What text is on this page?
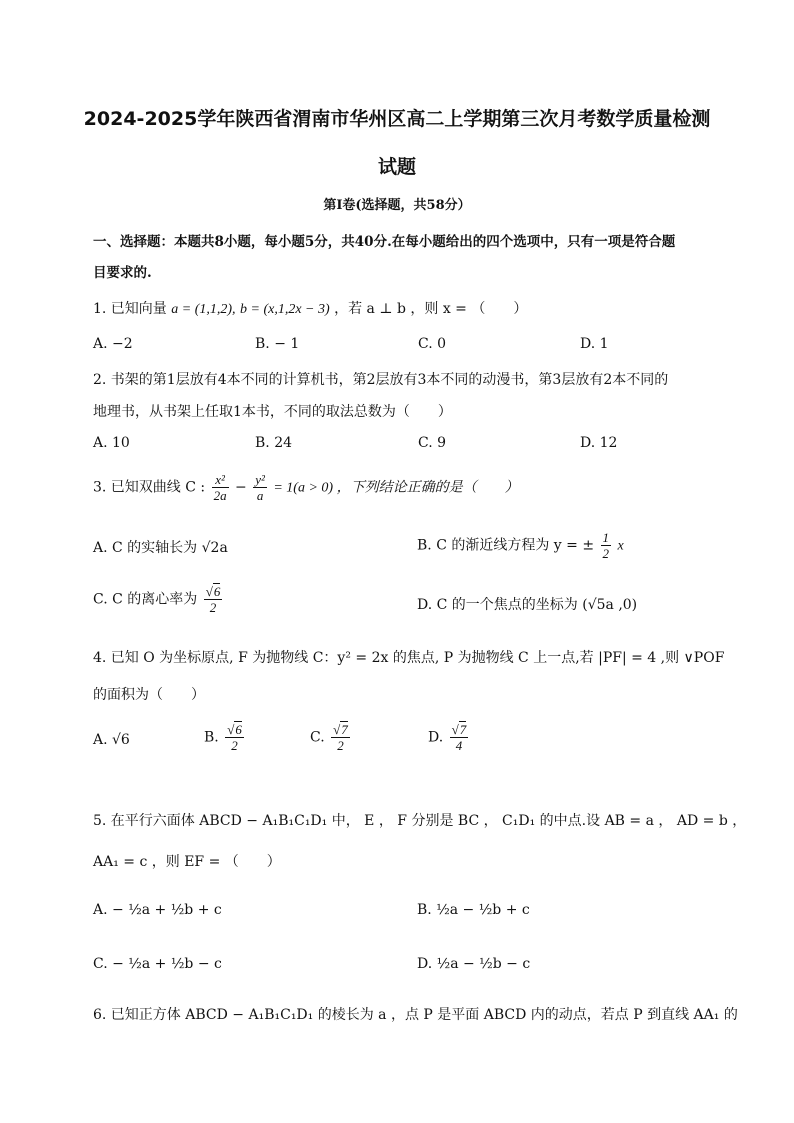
2024-2025学年陕西省渭南市华州区高二上学期第三次月考数学质量检测
试题
第Ⅰ卷(选择题，共58分）
一、选择题：本题共8小题，每小题5分，共40分.在每小题给出的四个选项中，只有一项是符合题
目要求的.
1. 已知向量 a = (1,1,2), b = (x,1,2x − 3) ，若 a ⊥ b ，则 x = （　　）
A. −2	B. − 1	C. 0	D. 1
2. 书架的第1层放有4本不同的计算机书，第2层放有3本不同的动漫书，第3层放有2本不同的
地理书，从书架上任取1本书，不同的取法总数为（　　）
A. 10	B. 24	C. 9	D. 12
3. 已知双曲线 C : $\frac{\text{x²}}{2a} - \frac{\text{y²}}{a} = 1(a > 0)$ ，下列结论正确的是（　　）
A. C 的实轴长为 √2a	B. C 的渐近线方程为 y = ± $\frac{1}{2}$ x
C. C 的离心率为 $\frac{√6}{2}$	D. C 的一个焦点的坐标为 (√5a ,0)
4. 已知 O 为坐标原点, F 为抛物线 C：y² = 2x 的焦点, P 为抛物线 C 上一点,若 |PF| = 4 ,则 ∨POF
的面积为（　　）
A. √6	B. $\frac{√6}{2}$	C. $\frac{√7}{2}$	D. $\frac{√7}{4}$
5. 在平行六面体 ABCD − A₁B₁C₁D₁ 中， E ， F 分别是 BC ， C₁D₁ 的中点.设 AB = a ， AD = b ，
AA₁ = c ，则 EF = （　　）
A. − ½a + ½b + c	B. ½a − ½b + c
C. − ½a + ½b − c	D. ½a − ½b − c
6. 已知正方体 ABCD − A₁B₁C₁D₁ 的棱长为 a ，点 P 是平面 ABCD 内的动点，若点 P 到直线 AA₁ 的
